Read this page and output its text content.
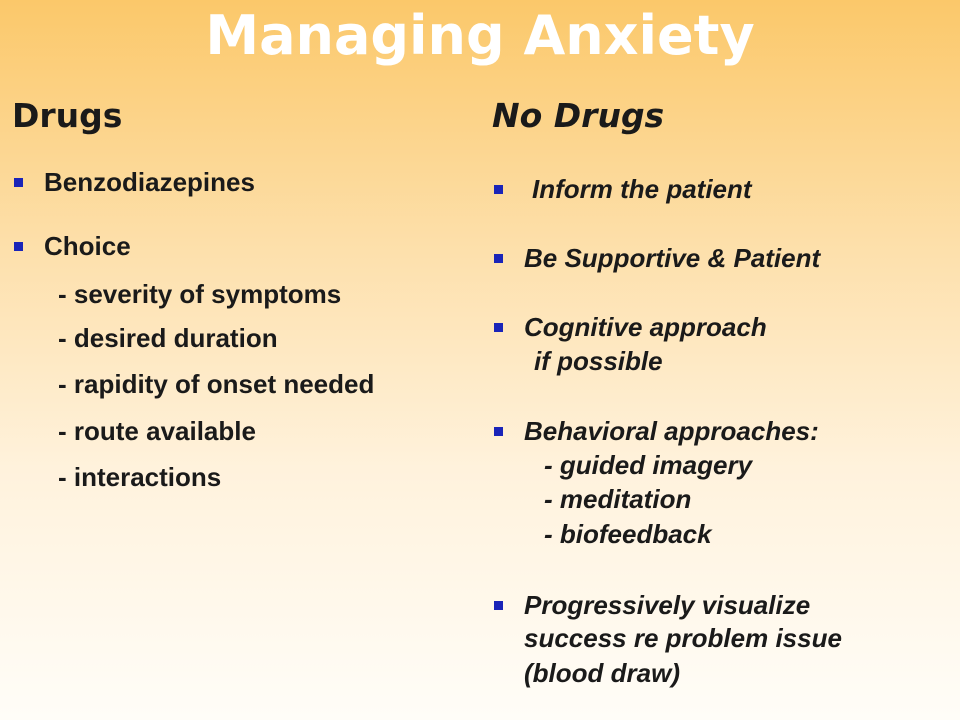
Managing Anxiety
Drugs

Benzodiazepines

Choice

- severity of symptoms

- desired duration

- rapidity of onset needed

- route available

- interactions

No Drugs

Inform the patient

Be Supportive & Patient

Cognitive approach

if possible

Behavioral approaches:

- guided imagery

- meditation

- biofeedback

Progressively visualize

success re problem issue

(blood draw)
